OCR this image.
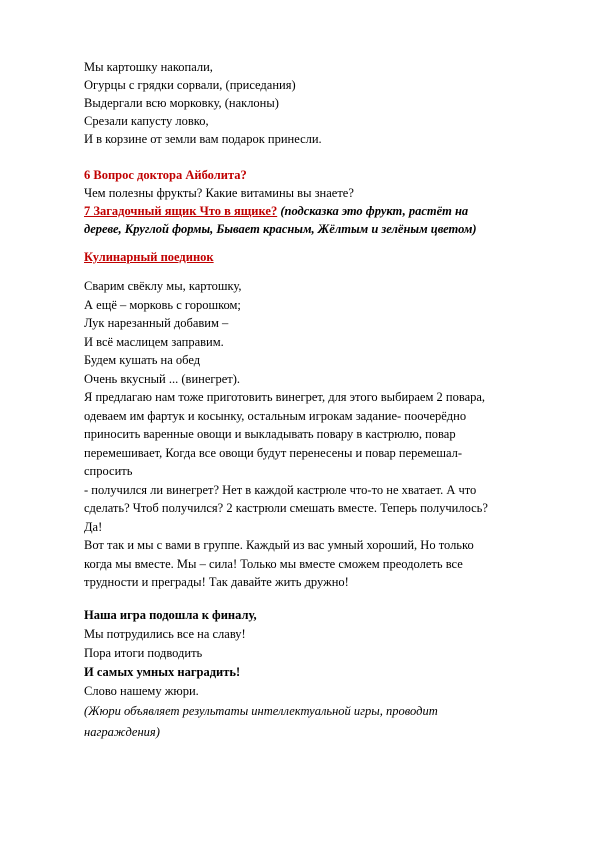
Мы картошку накопали,
Огурцы с грядки сорвали, (приседания)
Выдергали всю морковку, (наклоны)
Срезали капусту ловко,
И в корзине от земли вам подарок принесли.
6 Вопрос доктора Айболита?
Чем полезны фрукты? Какие витамины вы знаете?
7 Загадочный ящик Что в ящике? (подсказка это фрукт, растёт на
дереве, Круглой формы, Бывает красным, Жёлтым и зелёным цветом)
Кулинарный поединок
Сварим свёклу мы, картошку,
А ещё – морковь с горошком;
Лук нарезанный добавим –
И всё маслицем заправим.
Будем кушать на обед
Очень вкусный ... (винегрет).
Я предлагаю нам тоже приготовить винегрет, для этого выбираем 2 повара,
одеваем им фартук и косынку, остальным игрокам задание- поочерёдно
приносить варенные овощи и выкладывать повару в кастрюлю, повар
перемешивает, Когда все овощи будут перенесены и повар перемешал-
спросить
- получился ли винегрет? Нет в каждой кастрюле что-то не хватает. А что
сделать? Чтоб получился? 2 кастрюли смешать вместе. Теперь получилось?
Да!
Вот так и мы с вами в группе. Каждый из вас умный хороший, Но только
когда мы вместе. Мы – сила! Только мы вместе сможем преодолеть все
трудности и преграды! Так давайте жить дружно!
Наша игра подошла к финалу,
Мы потрудились все на славу!
Пора итоги подводить
И самых умных наградить!
Слово нашему жюри.
(Жюри объявляет результаты интеллектуальной игры, проводит
награждения)
